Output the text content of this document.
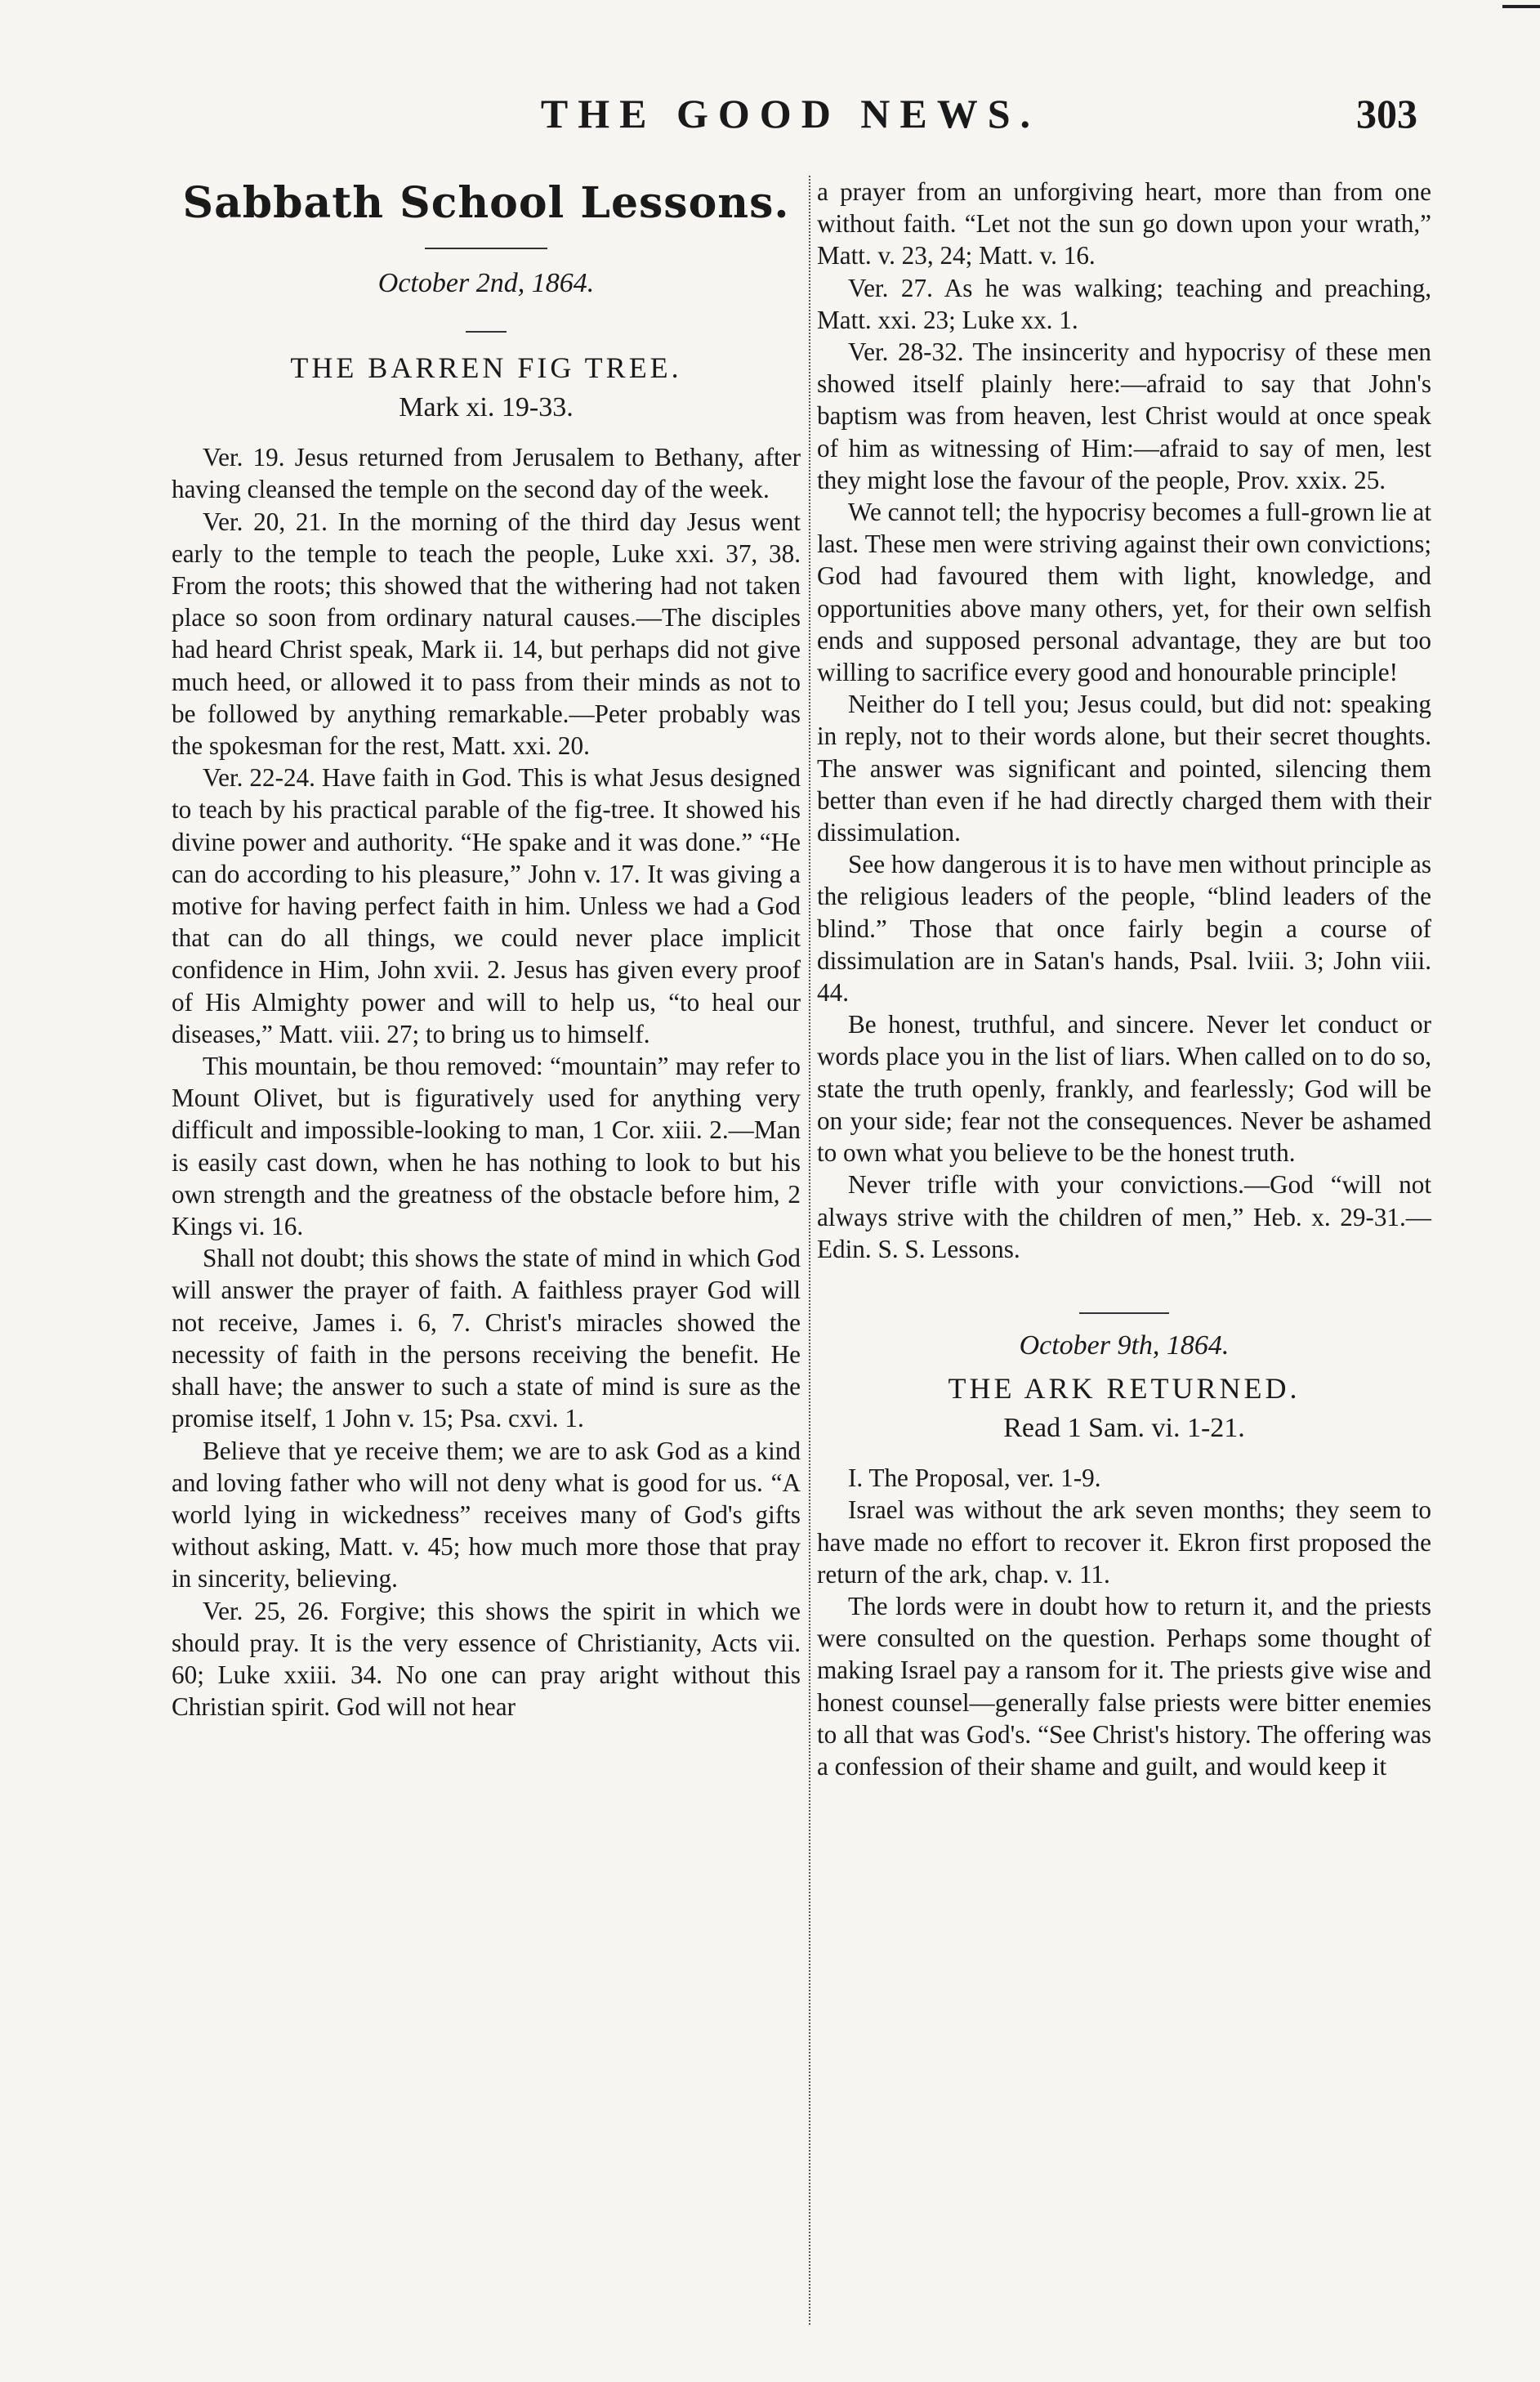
THE GOOD NEWS.	303
Sabbath School Lessons.
October 2nd, 1864.
THE BARREN FIG TREE.
Mark xi. 19-33.

Ver. 19. Jesus returned from Jerusalem to Bethany, after having cleansed the temple on the second day of the week.

Ver. 20, 21. In the morning of the third day Jesus went early to the temple to teach the people, Luke xxi. 37, 38. From the roots; this showed that the withering had not taken place so soon from ordinary natural causes.—The disciples had heard Christ speak, Mark ii. 14, but perhaps did not give much heed, or allowed it to pass from their minds as not to be followed by anything remarkable.—Peter probably was the spokesman for the rest, Matt. xxi. 20.

Ver. 22-24. Have faith in God. This is what Jesus designed to teach by his practical parable of the fig-tree. It showed his divine power and authority. “He spake and it was done.” “He can do according to his pleasure,” John v. 17. It was giving a motive for having perfect faith in him. Unless we had a God that can do all things, we could never place implicit confidence in Him, John xvii. 2. Jesus has given every proof of His Almighty power and will to help us, “to heal our diseases,” Matt. viii. 27; to bring us to himself.

This mountain, be thou removed: “mountain” may refer to Mount Olivet, but is figuratively used for anything very difficult and impossible-looking to man, 1 Cor. xiii. 2.—Man is easily cast down, when he has nothing to look to but his own strength and the greatness of the obstacle before him, 2 Kings vi. 16.

Shall not doubt; this shows the state of mind in which God will answer the prayer of faith. A faithless prayer God will not receive, James i. 6, 7. Christ's miracles showed the necessity of faith in the persons receiving the benefit. He shall have; the answer to such a state of mind is sure as the promise itself, 1 John v. 15; Psa. cxvi. 1.

Believe that ye receive them; we are to ask God as a kind and loving father who will not deny what is good for us. “A world lying in wickedness” receives many of God's gifts without asking, Matt. v. 45; how much more those that pray in sincerity, believing.

Ver. 25, 26. Forgive; this shows the spirit in which we should pray. It is the very essence of Christianity, Acts vii. 60; Luke xxiii. 34. No one can pray aright without this Christian spirit. God will not hear

a prayer from an unforgiving heart, more than from one without faith. “Let not the sun go down upon your wrath,” Matt. v. 23, 24; Matt. v. 16.

Ver. 27. As he was walking; teaching and preaching, Matt. xxi. 23; Luke xx. 1.

Ver. 28-32. The insincerity and hypocrisy of these men showed itself plainly here:—afraid to say that John's baptism was from heaven, lest Christ would at once speak of him as witnessing of Him:—afraid to say of men, lest they might lose the favour of the people, Prov. xxix. 25.

We cannot tell; the hypocrisy becomes a full-grown lie at last. These men were striving against their own convictions; God had favoured them with light, knowledge, and opportunities above many others, yet, for their own selfish ends and supposed personal advantage, they are but too willing to sacrifice every good and honourable principle!

Neither do I tell you; Jesus could, but did not: speaking in reply, not to their words alone, but their secret thoughts. The answer was significant and pointed, silencing them better than even if he had directly charged them with their dissimulation.

See how dangerous it is to have men without principle as the religious leaders of the people, “blind leaders of the blind.” Those that once fairly begin a course of dissimulation are in Satan's hands, Psal. lviii. 3; John viii. 44.

Be honest, truthful, and sincere. Never let conduct or words place you in the list of liars. When called on to do so, state the truth openly, frankly, and fearlessly; God will be on your side; fear not the consequences. Never be ashamed to own what you believe to be the honest truth.

Never trifle with your convictions.—God “will not always strive with the children of men,” Heb. x. 29-31.—Edin. S. S. Lessons.

October 9th, 1864.
THE ARK RETURNED.
Read 1 Sam. vi. 1-21.

I. The Proposal, ver. 1-9.

Israel was without the ark seven months; they seem to have made no effort to recover it. Ekron first proposed the return of the ark, chap. v. 11.

The lords were in doubt how to return it, and the priests were consulted on the question. Perhaps some thought of making Israel pay a ransom for it. The priests give wise and honest counsel—generally false priests were bitter enemies to all that was God's. “See Christ's history. The offering was a confession of their shame and guilt, and would keep it
